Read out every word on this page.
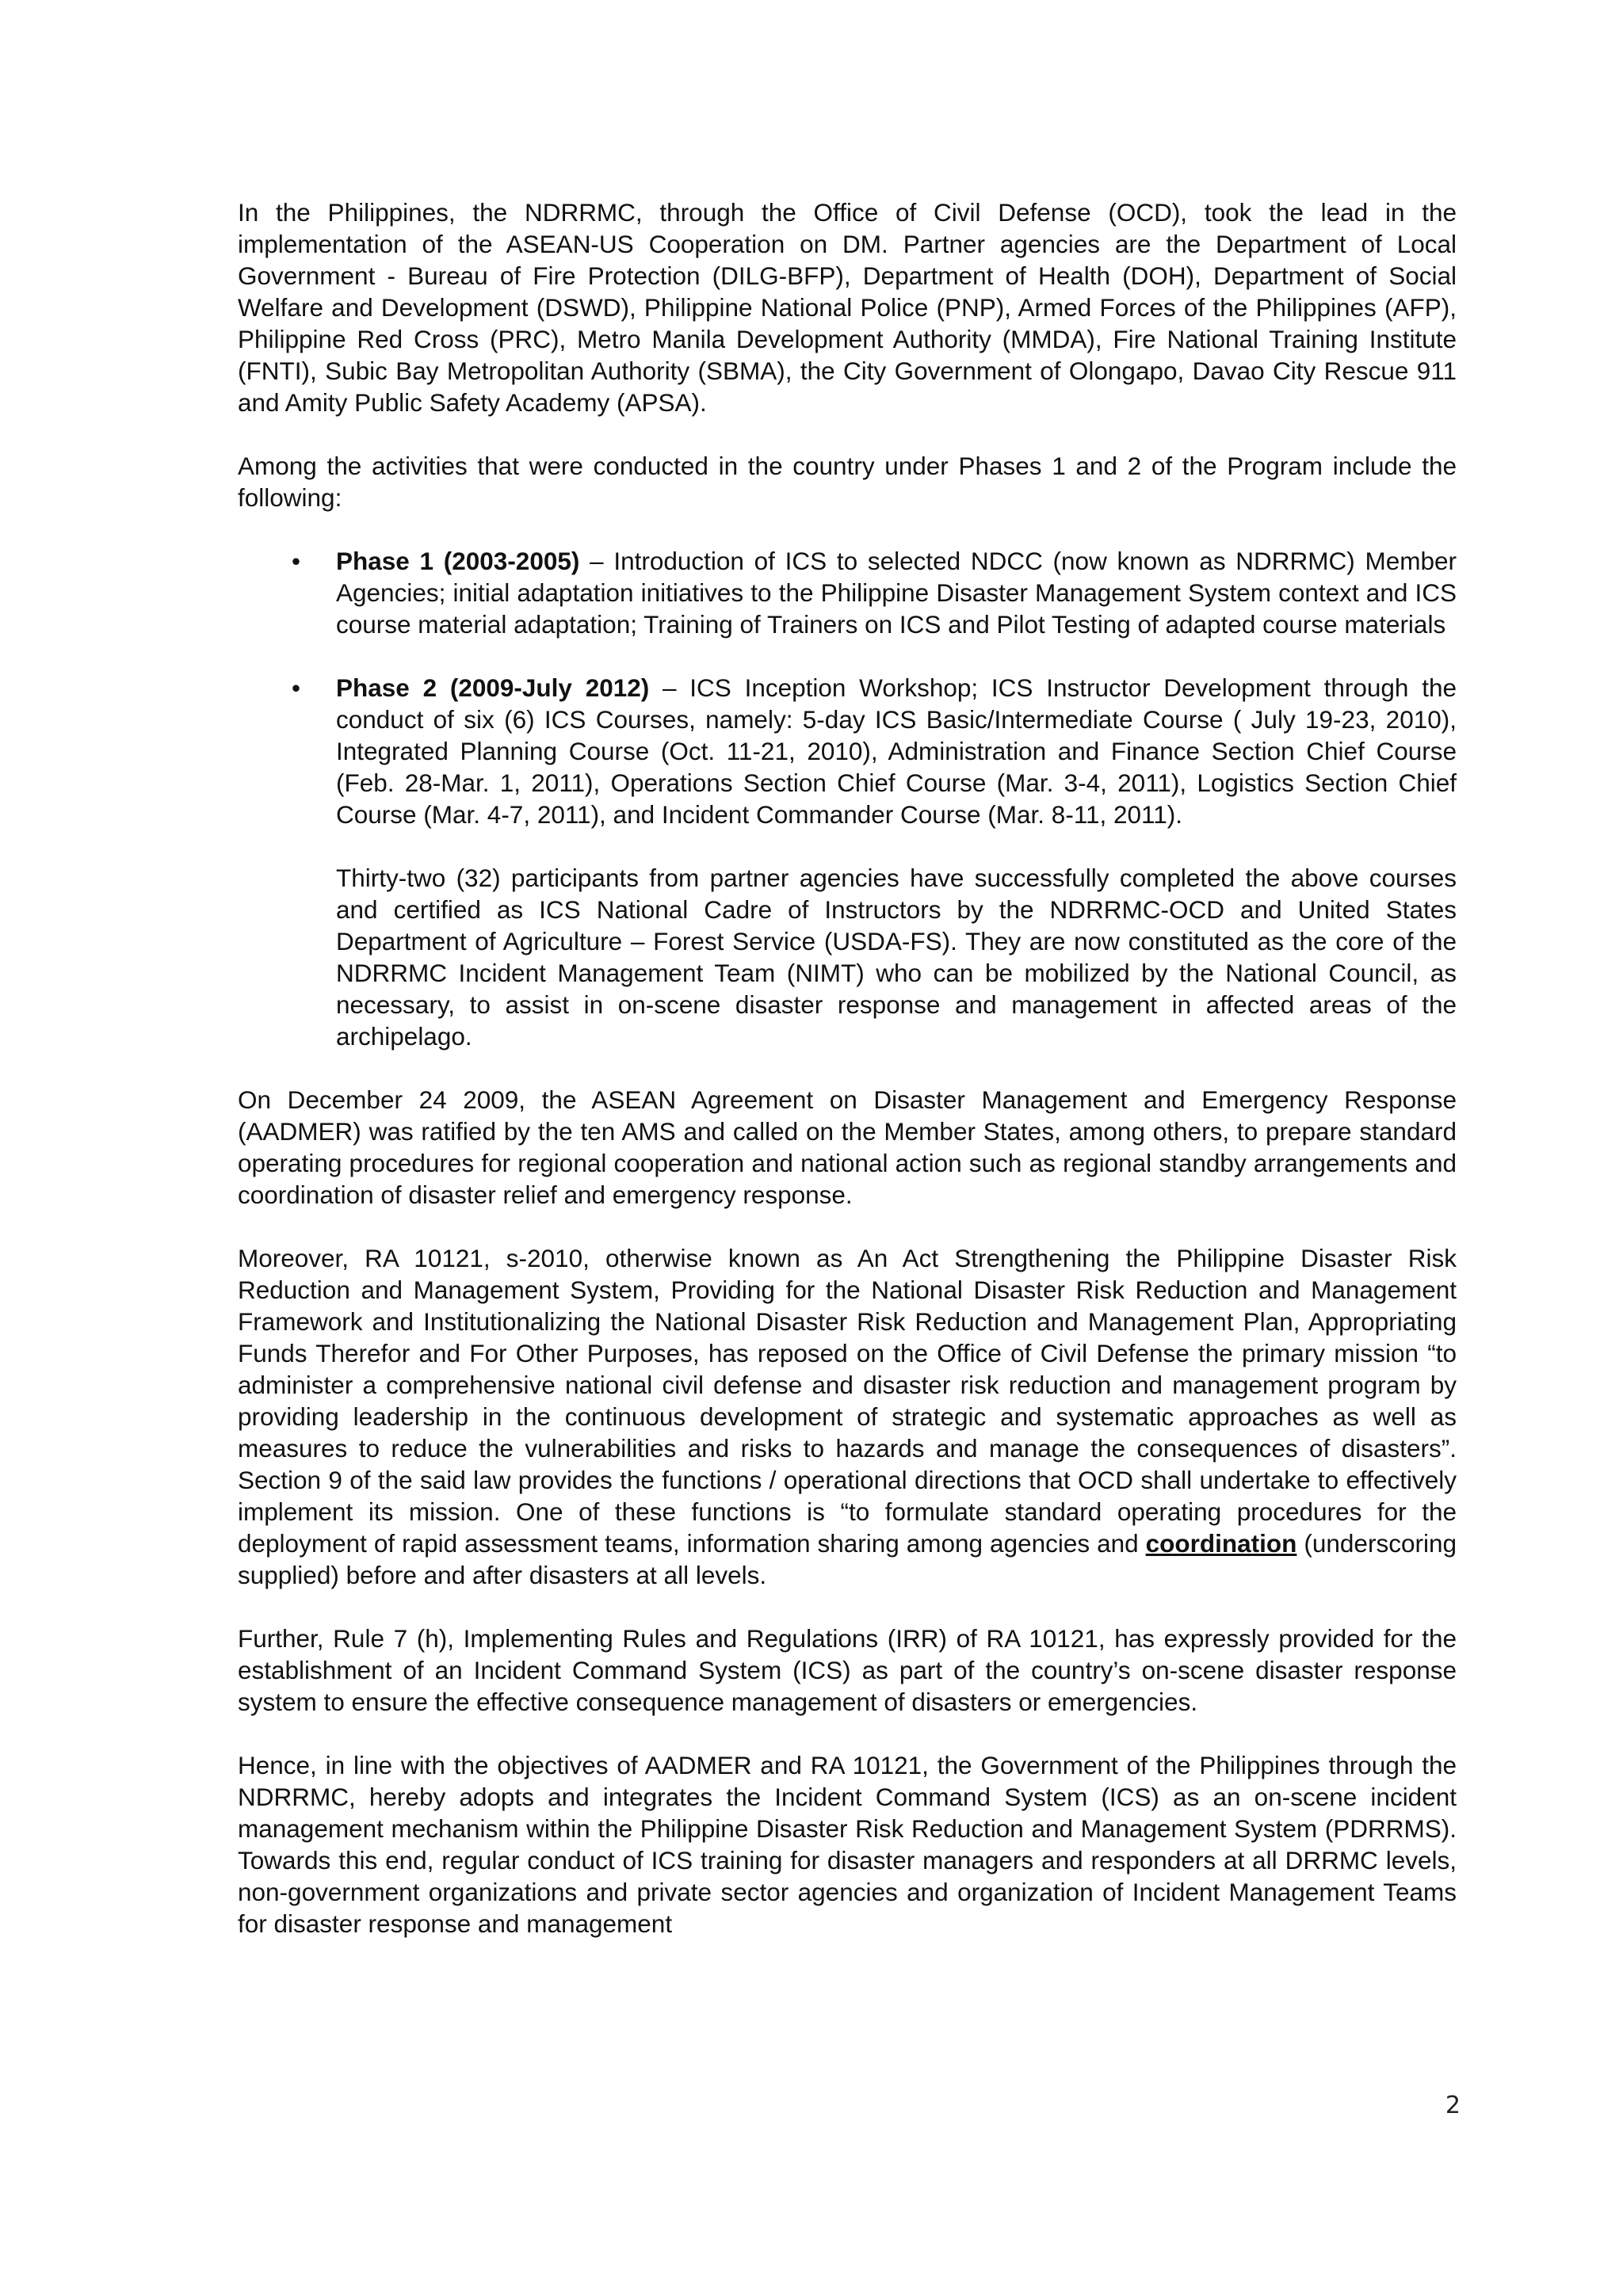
In the Philippines, the NDRRMC, through the Office of Civil Defense (OCD), took the lead in the implementation of the ASEAN-US Cooperation on DM. Partner agencies are the Department of Local Government - Bureau of Fire Protection (DILG-BFP), Department of Health (DOH), Department of Social Welfare and Development (DSWD), Philippine National Police (PNP), Armed Forces of the Philippines (AFP), Philippine Red Cross (PRC), Metro Manila Development Authority (MMDA), Fire National Training Institute (FNTI), Subic Bay Metropolitan Authority (SBMA), the City Government of Olongapo, Davao City Rescue 911 and Amity Public Safety Academy (APSA).

Among the activities that were conducted in the country under Phases 1 and 2 of the Program include the following:

• Phase 1 (2003-2005) – Introduction of ICS to selected NDCC (now known as NDRRMC) Member Agencies; initial adaptation initiatives to the Philippine Disaster Management System context and ICS course material adaptation; Training of Trainers on ICS and Pilot Testing of adapted course materials
• Phase 2 (2009-July 2012) – ICS Inception Workshop; ICS Instructor Development through the conduct of six (6) ICS Courses, namely: 5-day ICS Basic/Intermediate Course ( July 19-23, 2010), Integrated Planning Course (Oct. 11-21, 2010), Administration and Finance Section Chief Course (Feb. 28-Mar. 1, 2011), Operations Section Chief Course (Mar. 3-4, 2011), Logistics Section Chief Course (Mar. 4-7, 2011), and Incident Commander Course (Mar. 8-11, 2011).

Thirty-two (32) participants from partner agencies have successfully completed the above courses and certified as ICS National Cadre of Instructors by the NDRRMC-OCD and United States Department of Agriculture – Forest Service (USDA-FS). They are now constituted as the core of the NDRRMC Incident Management Team (NIMT) who can be mobilized by the National Council, as necessary, to assist in on-scene disaster response and management in affected areas of the archipelago.

On December 24 2009, the ASEAN Agreement on Disaster Management and Emergency Response (AADMER) was ratified by the ten AMS and called on the Member States, among others, to prepare standard operating procedures for regional cooperation and national action such as regional standby arrangements and coordination of disaster relief and emergency response.

Moreover, RA 10121, s-2010, otherwise known as An Act Strengthening the Philippine Disaster Risk Reduction and Management System, Providing for the National Disaster Risk Reduction and Management Framework and Institutionalizing the National Disaster Risk Reduction and Management Plan, Appropriating Funds Therefor and For Other Purposes, has reposed on the Office of Civil Defense the primary mission “to administer a comprehensive national civil defense and disaster risk reduction and management program by providing leadership in the continuous development of strategic and systematic approaches as well as measures to reduce the vulnerabilities and risks to hazards and manage the consequences of disasters”. Section 9 of the said law provides the functions / operational directions that OCD shall undertake to effectively implement its mission. One of these functions is “to formulate standard operating procedures for the deployment of rapid assessment teams, information sharing among agencies and coordination (underscoring supplied) before and after disasters at all levels.

Further, Rule 7 (h), Implementing Rules and Regulations (IRR) of RA 10121, has expressly provided for the establishment of an Incident Command System (ICS) as part of the country’s on-scene disaster response system to ensure the effective consequence management of disasters or emergencies.

Hence, in line with the objectives of AADMER and RA 10121, the Government of the Philippines through the NDRRMC, hereby adopts and integrates the Incident Command System (ICS) as an on-scene incident management mechanism within the Philippine Disaster Risk Reduction and Management System (PDRRMS). Towards this end, regular conduct of ICS training for disaster managers and responders at all DRRMC levels, non-government organizations and private sector agencies and organization of Incident Management Teams for disaster response and management

2
